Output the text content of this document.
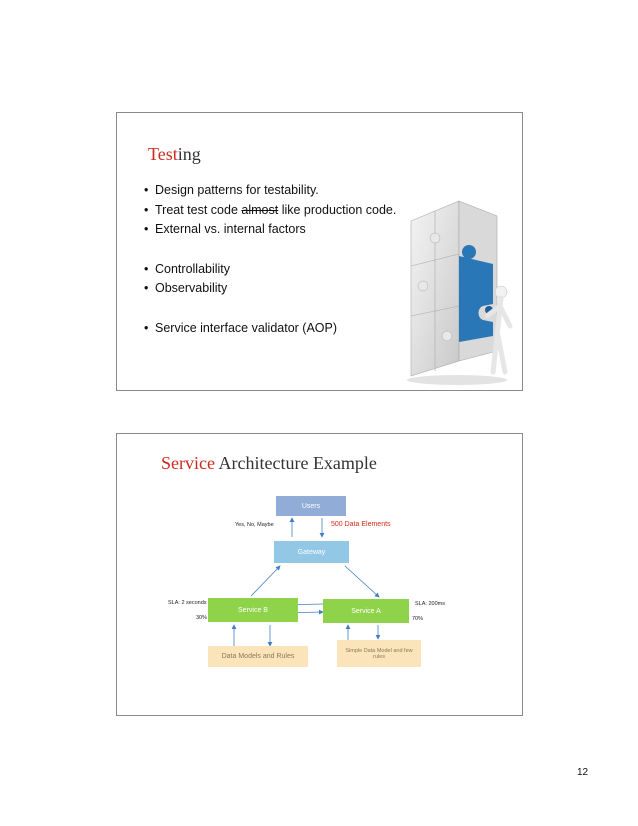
Testing
• Design patterns for testability.
• Treat test code almost like production code.
• External vs. internal factors
• Controllability
• Observability
• Service interface validator (AOP)
Service Architecture Example
Users
Gateway
Service B	Service A
Data Models and Rules
Simple Data Model and few rules
Yes, No, Maybe	500 Data Elements
SLA: 2 seconds
30%
SLA: 200ms
70%
12
